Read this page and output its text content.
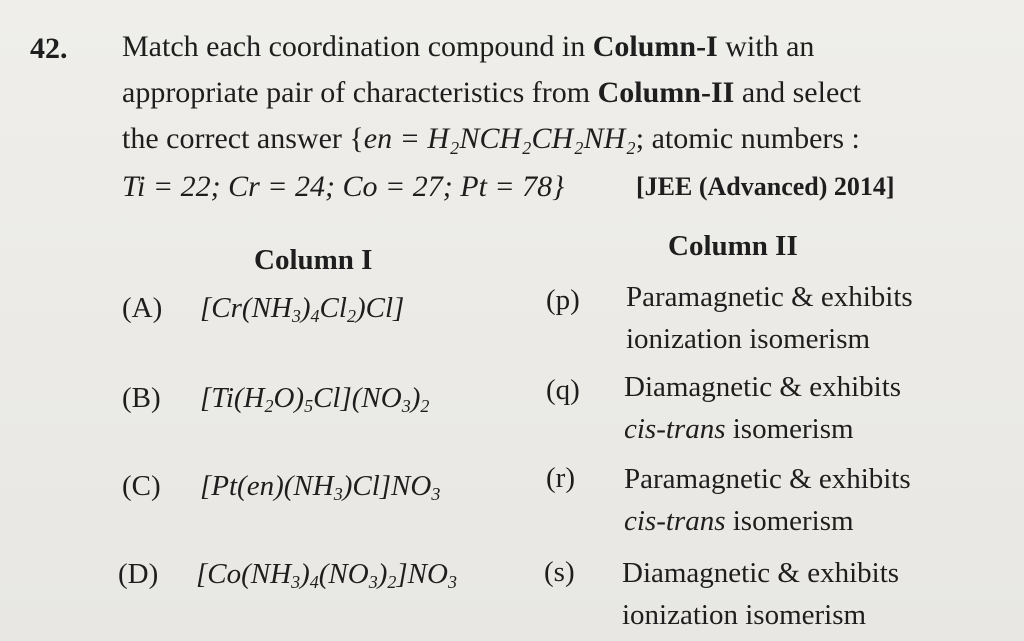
42. Match each coordination compound in Column-I with an
appropriate pair of characteristics from Column-II and select
the correct answer {en = H₂NCH₂CH₂NH₂; atomic numbers :
Ti = 22; Cr = 24; Co = 27; Pt = 78}	[JEE (Advanced) 2014]
Column I	Column II
(A) $[Cr(NH_3)_4Cl_2)Cl$]
(B) $[Ti(H_2O)_5Cl](NO_3)_2$
(C) $[Pt(en)(NH_3)Cl]NO_3$
(D) $[Co(NH_3)_4(NO_3)_2]NO_3$
(p) Paramagnetic & exhibits
ionization isomerism
(q) Diamagnetic & exhibits
cis-trans isomerism
(r) Paramagnetic & exhibits
cis-trans isomerism
(s) Diamagnetic & exhibits
ionization isomerism
